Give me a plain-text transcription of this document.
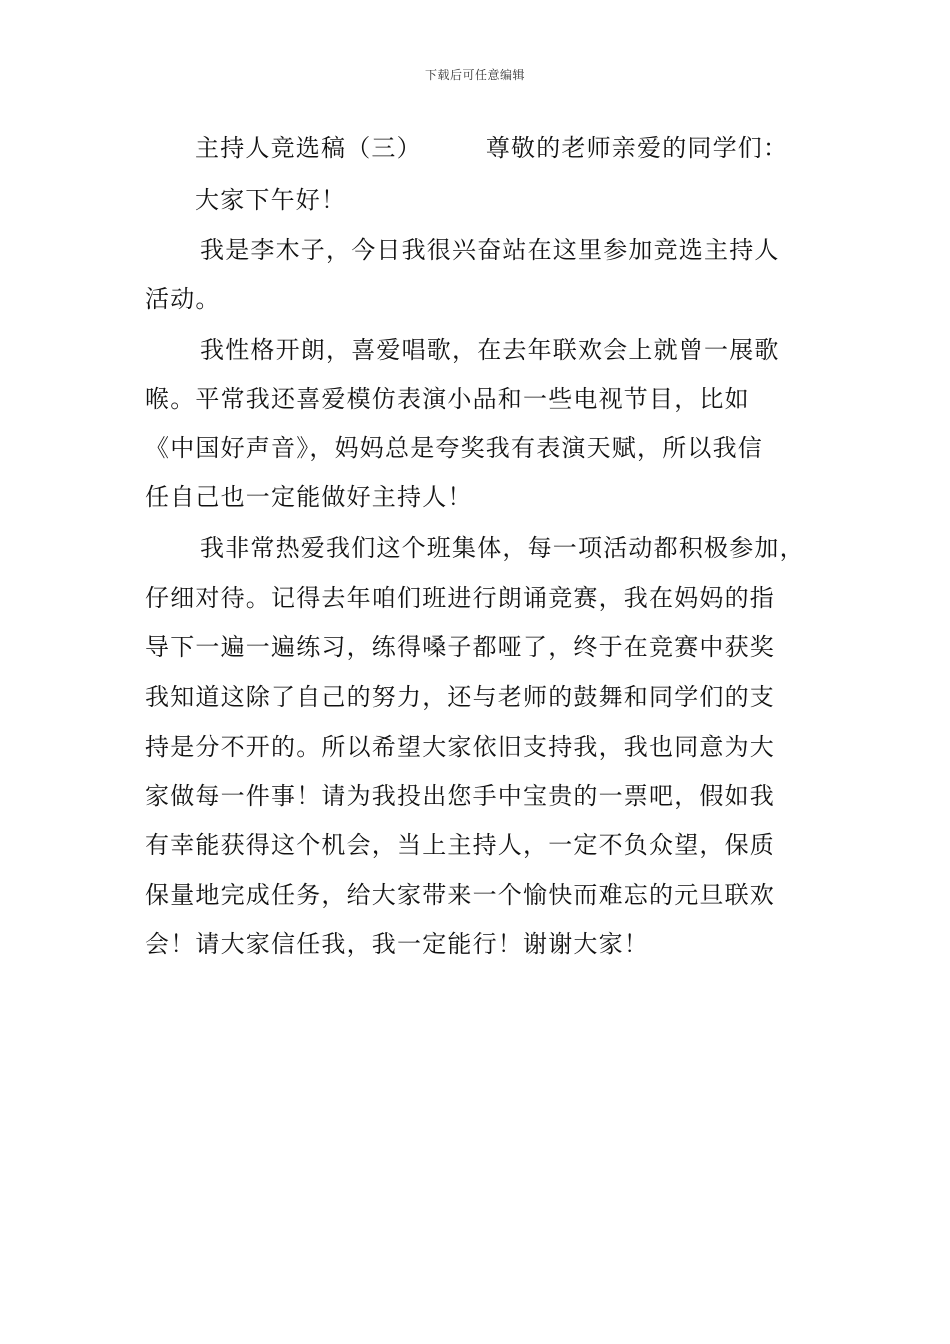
下载后可任意编辑
主持人竞选稿（三）	尊敬的老师亲爱的同学们：
大家下午好！
我是李木子，今日我很兴奋站在这里参加竞选主持人
活动。
我性格开朗，喜爱唱歌，在去年联欢会上就曾一展歌
喉。平常我还喜爱模仿表演小品和一些电视节目，比如
《中国好声音》，妈妈总是夸奖我有表演天赋，所以我信
任自己也一定能做好主持人！
我非常热爱我们这个班集体，每一项活动都积极参加，
仔细对待。记得去年咱们班进行朗诵竞赛，我在妈妈的指
导下一遍一遍练习，练得嗓子都哑了，终于在竞赛中获奖
我知道这除了自己的努力，还与老师的鼓舞和同学们的支
持是分不开的。所以希望大家依旧支持我，我也同意为大
家做每一件事！请为我投出您手中宝贵的一票吧，假如我
有幸能获得这个机会，当上主持人，一定不负众望，保质
保量地完成任务，给大家带来一个愉快而难忘的元旦联欢
会！请大家信任我，我一定能行！谢谢大家！
